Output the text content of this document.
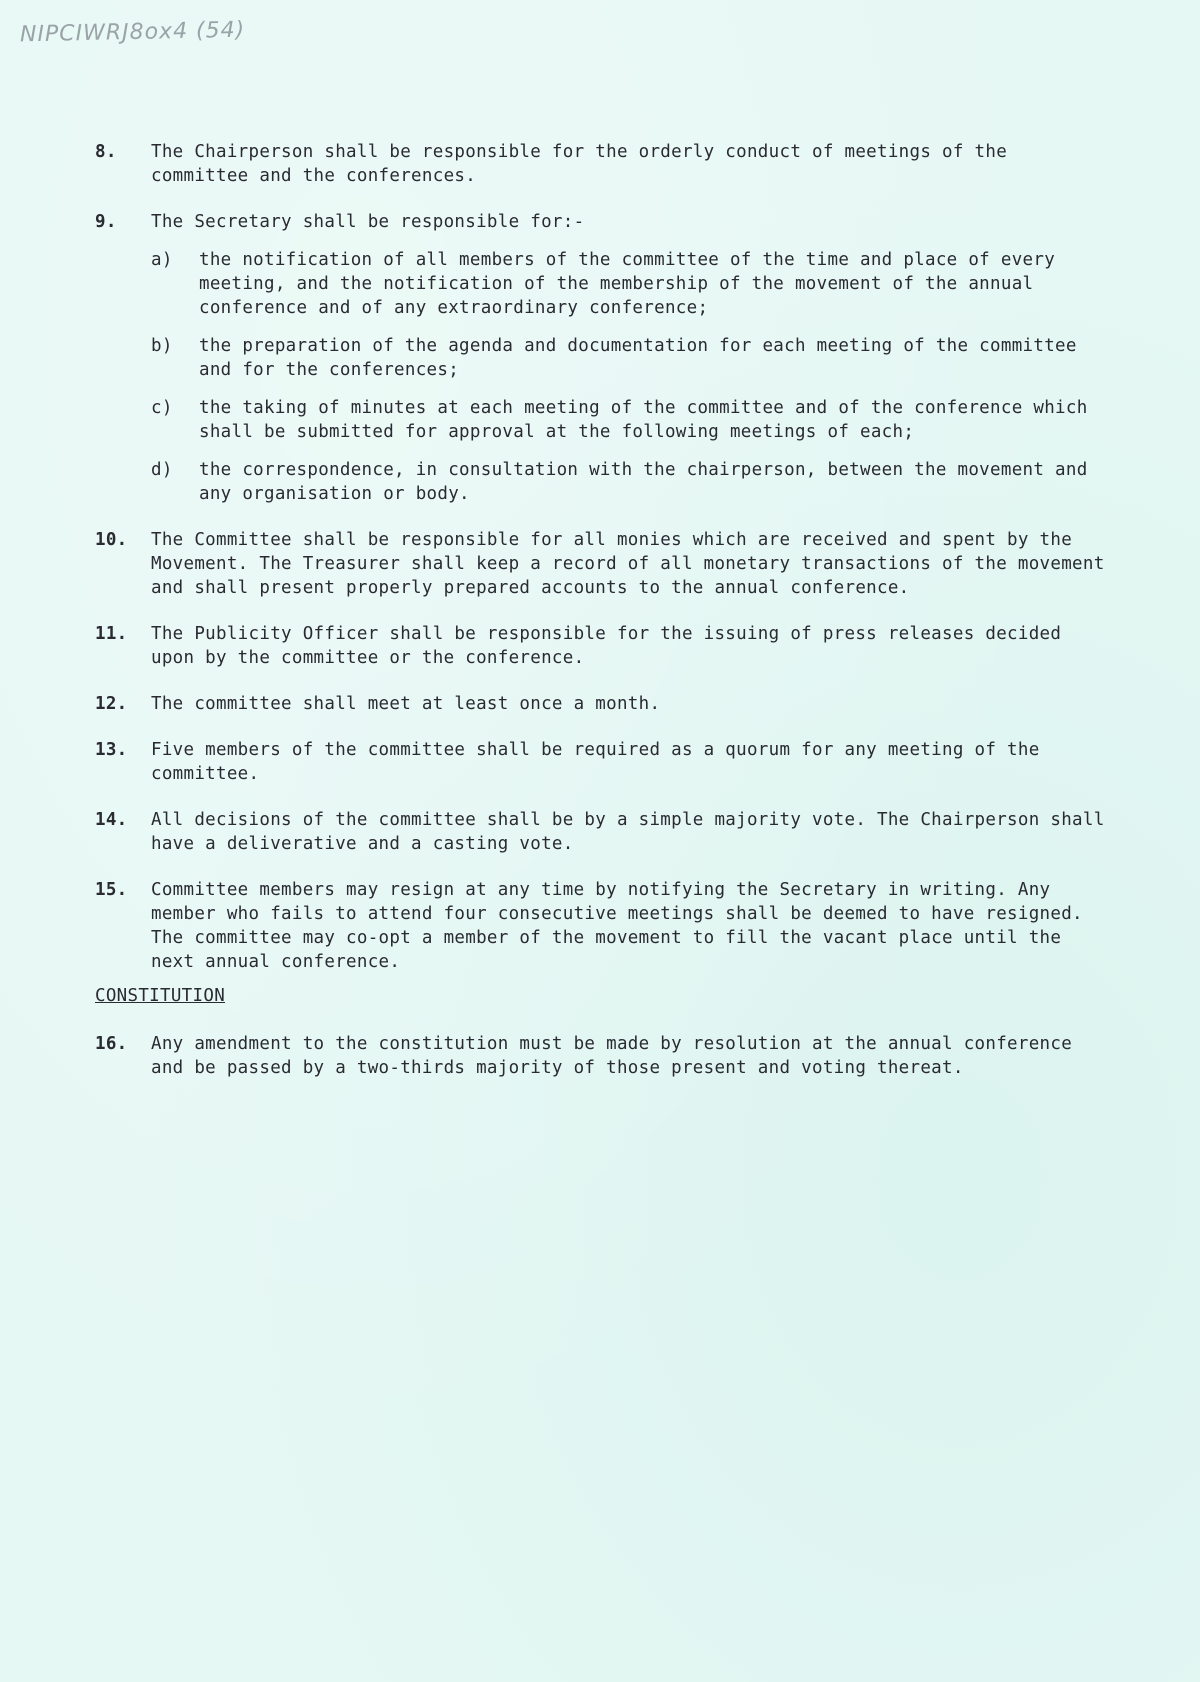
NIPCIWRJ8ox4 (54)
8.	The Chairperson shall be responsible for the orderly conduct of meetings of the committee and the conferences.
9.	The Secretary shall be responsible for:-
a)	the notification of all members of the committee of the time and place of every meeting, and the notification of the membership of the movement of the annual conference and of any extraordinary conference;
b)	the preparation of the agenda and documentation for each meeting of the committee and for the conferences;
c)	the taking of minutes at each meeting of the committee and of the conference which shall be submitted for approval at the following meetings of each;
d)	the correspondence, in consultation with the chairperson, between the movement and any organisation or body.
10.	The Committee shall be responsible for all monies which are received and spent by the Movement. The Treasurer shall keep a record of all monetary transactions of the movement and shall present properly prepared accounts to the annual conference.
11.	The Publicity Officer shall be responsible for the issuing of press releases decided upon by the committee or the conference.
12.	The committee shall meet at least once a month.
13.	Five members of the committee shall be required as a quorum for any meeting of the committee.
14.	All decisions of the committee shall be by a simple majority vote. The Chairperson shall have a deliverative and a casting vote.
15.	Committee members may resign at any time by notifying the Secretary in writing. Any member who fails to attend four consecutive meetings shall be deemed to have resigned. The committee may co-opt a member of the movement to fill the vacant place until the next annual conference.
CONSTITUTION
16.	Any amendment to the constitution must be made by resolution at the annual conference and be passed by a two-thirds majority of those present and voting thereat.
